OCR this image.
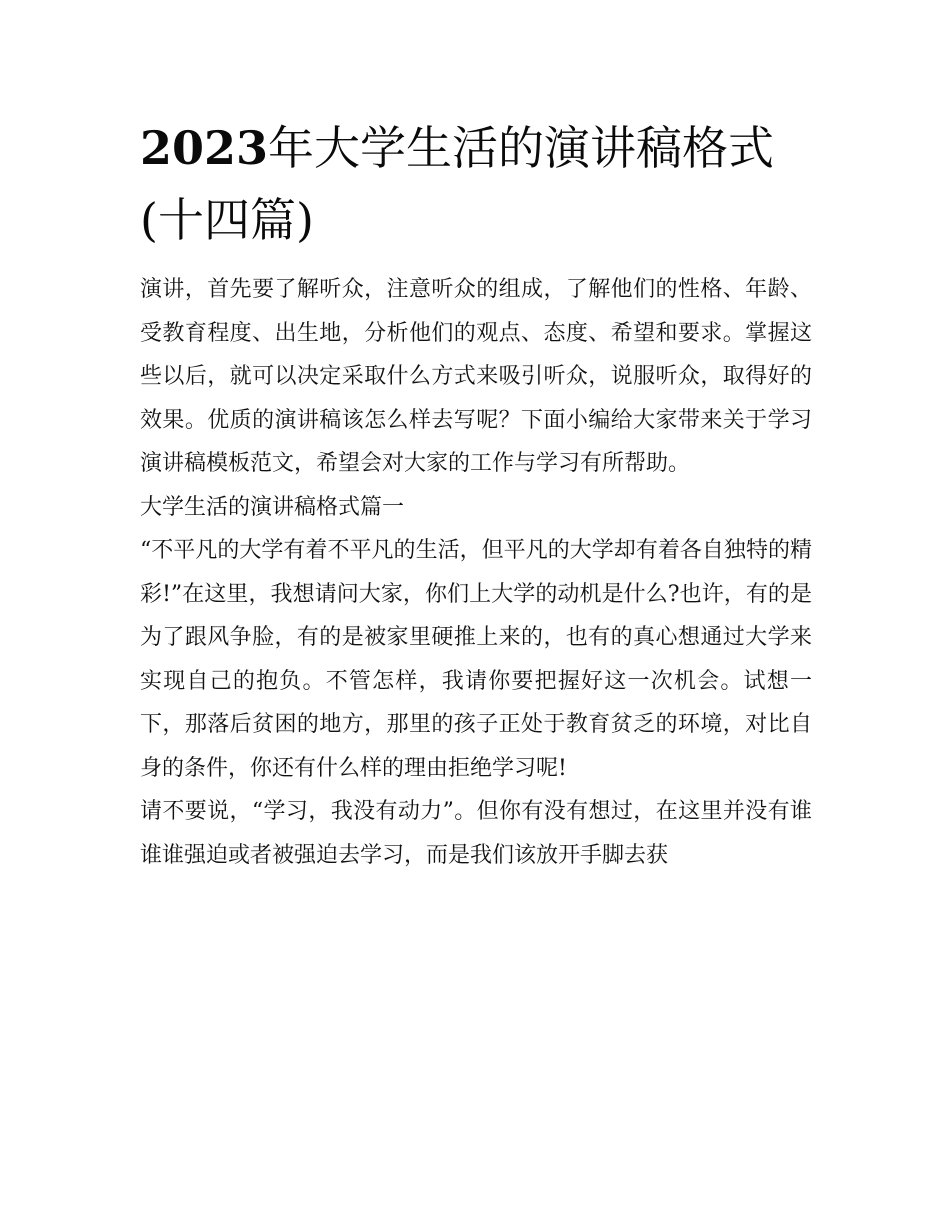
2023年大学生活的演讲稿格式(十四篇)

演讲，首先要了解听众，注意听众的组成，了解他们的性格、年龄、受教育程度、出生地，分析他们的观点、态度、希望和要求。掌握这些以后，就可以决定采取什么方式来吸引听众，说服听众，取得好的效果。优质的演讲稿该怎么样去写呢？下面小编给大家带来关于学习演讲稿模板范文，希望会对大家的工作与学习有所帮助。

大学生活的演讲稿格式篇一

“不平凡的大学有着不平凡的生活，但平凡的大学却有着各自独特的精彩!”在这里，我想请问大家，你们上大学的动机是什么?也许，有的是为了跟风争脸，有的是被家里硬推上来的，也有的真心想通过大学来实现自己的抱负。不管怎样，我请你要把握好这一次机会。试想一下，那落后贫困的地方，那里的孩子正处于教育贫乏的环境，对比自身的条件，你还有什么样的理由拒绝学习呢!

请不要说，“学习，我没有动力”。但你有没有想过，在这里并没有谁谁谁强迫或者被强迫去学习，而是我们该放开手脚去获
